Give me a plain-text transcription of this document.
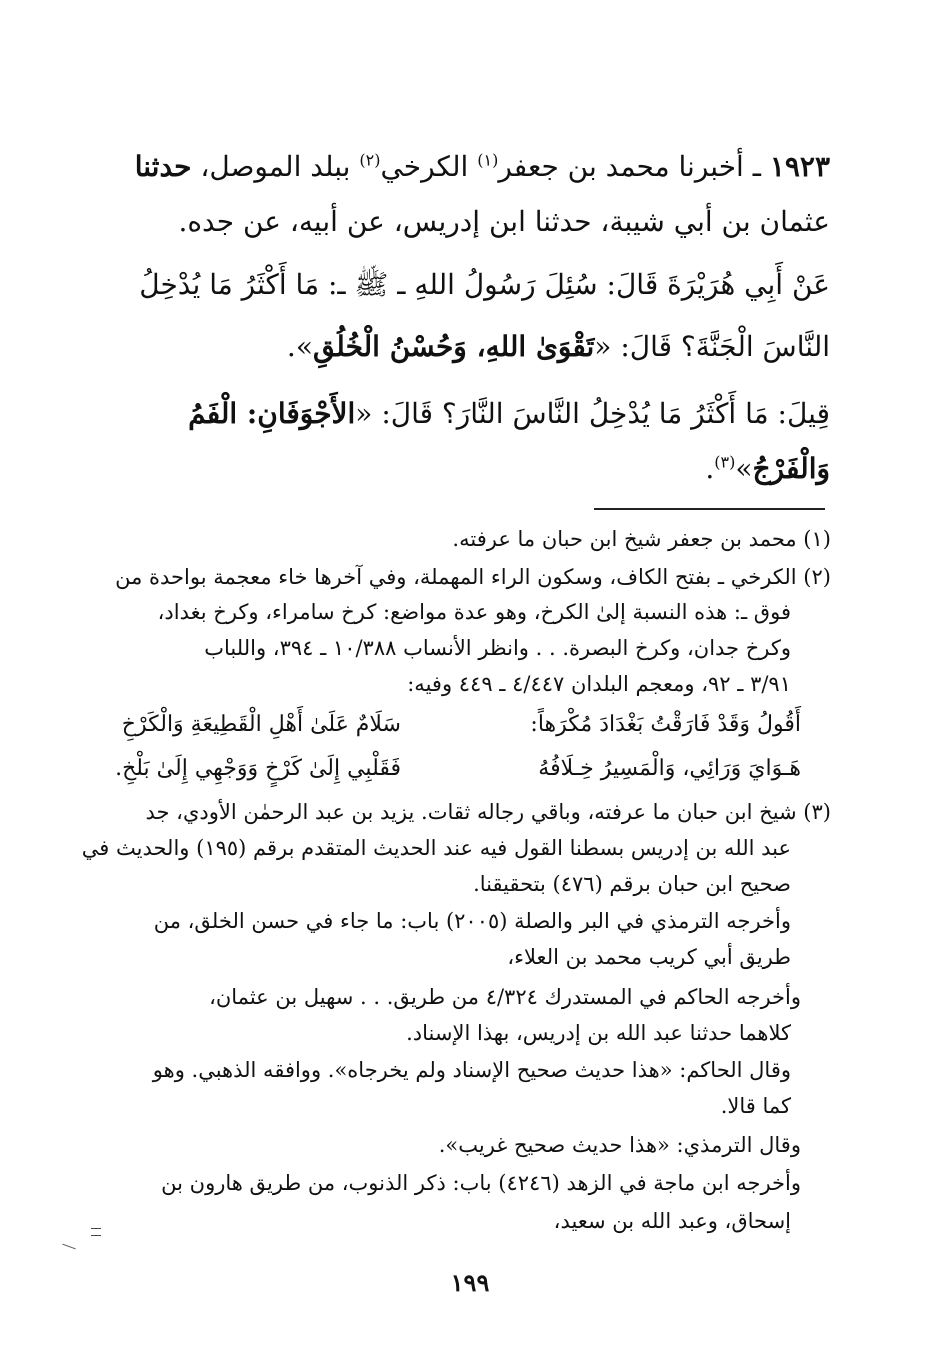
١٩٢٣ ـ أخبرنا محمد بن جعفر$^{(١)}$ الكرخي$^{(٢)}$ ببلد الموصل، حدثنا
عثمان بن أبي شيبة، حدثنا ابن إدريس، عن أبيه، عن جده.
عَنْ أَبِي هُرَيْرَةَ قَالَ: سُئِلَ رَسُولُ اللهِ ـ ﷺ ـ: مَا أَكْثَرُ مَا يُدْخِلُ
النَّاسَ الْجَنَّةَ؟ قَالَ: «تَقْوَىٰ اللهِ، وَحُسْنُ الْخُلُقِ».
قِيلَ: مَا أَكْثَرُ مَا يُدْخِلُ النَّاسَ النَّارَ؟ قَالَ: «الأَجْوَفَانِ: الْفَمُ
وَالْفَرْجُ»$^{(٣)}$.
(١) محمد بن جعفر شيخ ابن حبان ما عرفته.
(٢) الكرخي ـ بفتح الكاف، وسكون الراء المهملة، وفي آخرها خاء معجمة بواحدة من
فوق ـ: هذه النسبة إلىٰ الكرخ، وهو عدة مواضع: كرخ سامراء، وكرخ بغداد،
وكرخ جدان، وكرخ البصرة. . . وانظر الأنساب ١٠/٣٨٨ ـ ٣٩٤، واللباب
٣/٩١ ـ ٩٢، ومعجم البلدان ٤/٤٤٧ ـ ٤٤٩ وفيه:
أَقُولُ وَقَدْ فَارَقْتُ بَغْدَادَ مُكْرَهاً:
سَلَامٌ عَلَىٰ أَهْلِ الْقَطِيعَةِ وَالْكَرْخِ
هَـوَايَ وَرَائِي، وَالْمَسِيرُ خِـلَافُهُ
فَقَلْبِي إِلَىٰ كَرْخٍ وَوَجْهِي إِلَىٰ بَلْخِ.
(٣) شيخ ابن حبان ما عرفته، وباقي رجاله ثقات. يزيد بن عبد الرحمٰن الأودي، جد
عبد الله بن إدريس بسطنا القول فيه عند الحديث المتقدم برقم (١٩٥) والحديث في
صحيح ابن حبان برقم (٤٧٦) بتحقيقنا.
وأخرجه الترمذي في البر والصلة (٢٠٠٥) باب: ما جاء في حسن الخلق، من
طريق أبي كريب محمد بن العلاء،
وأخرجه الحاكم في المستدرك ٤/٣٢٤ من طريق. . . سهيل بن عثمان،
كلاهما حدثنا عبد الله بن إدريس، بهذا الإسناد.
وقال الحاكم: «هذا حديث صحيح الإسناد ولم يخرجاه». ووافقه الذهبي. وهو
كما قالا.
وقال الترمذي: «هذا حديث صحيح غريب».
وأخرجه ابن ماجة في الزهد (٤٢٤٦) باب: ذكر الذنوب، من طريق هارون بن
إسحاق، وعبد الله بن سعيد،
١٩٩
